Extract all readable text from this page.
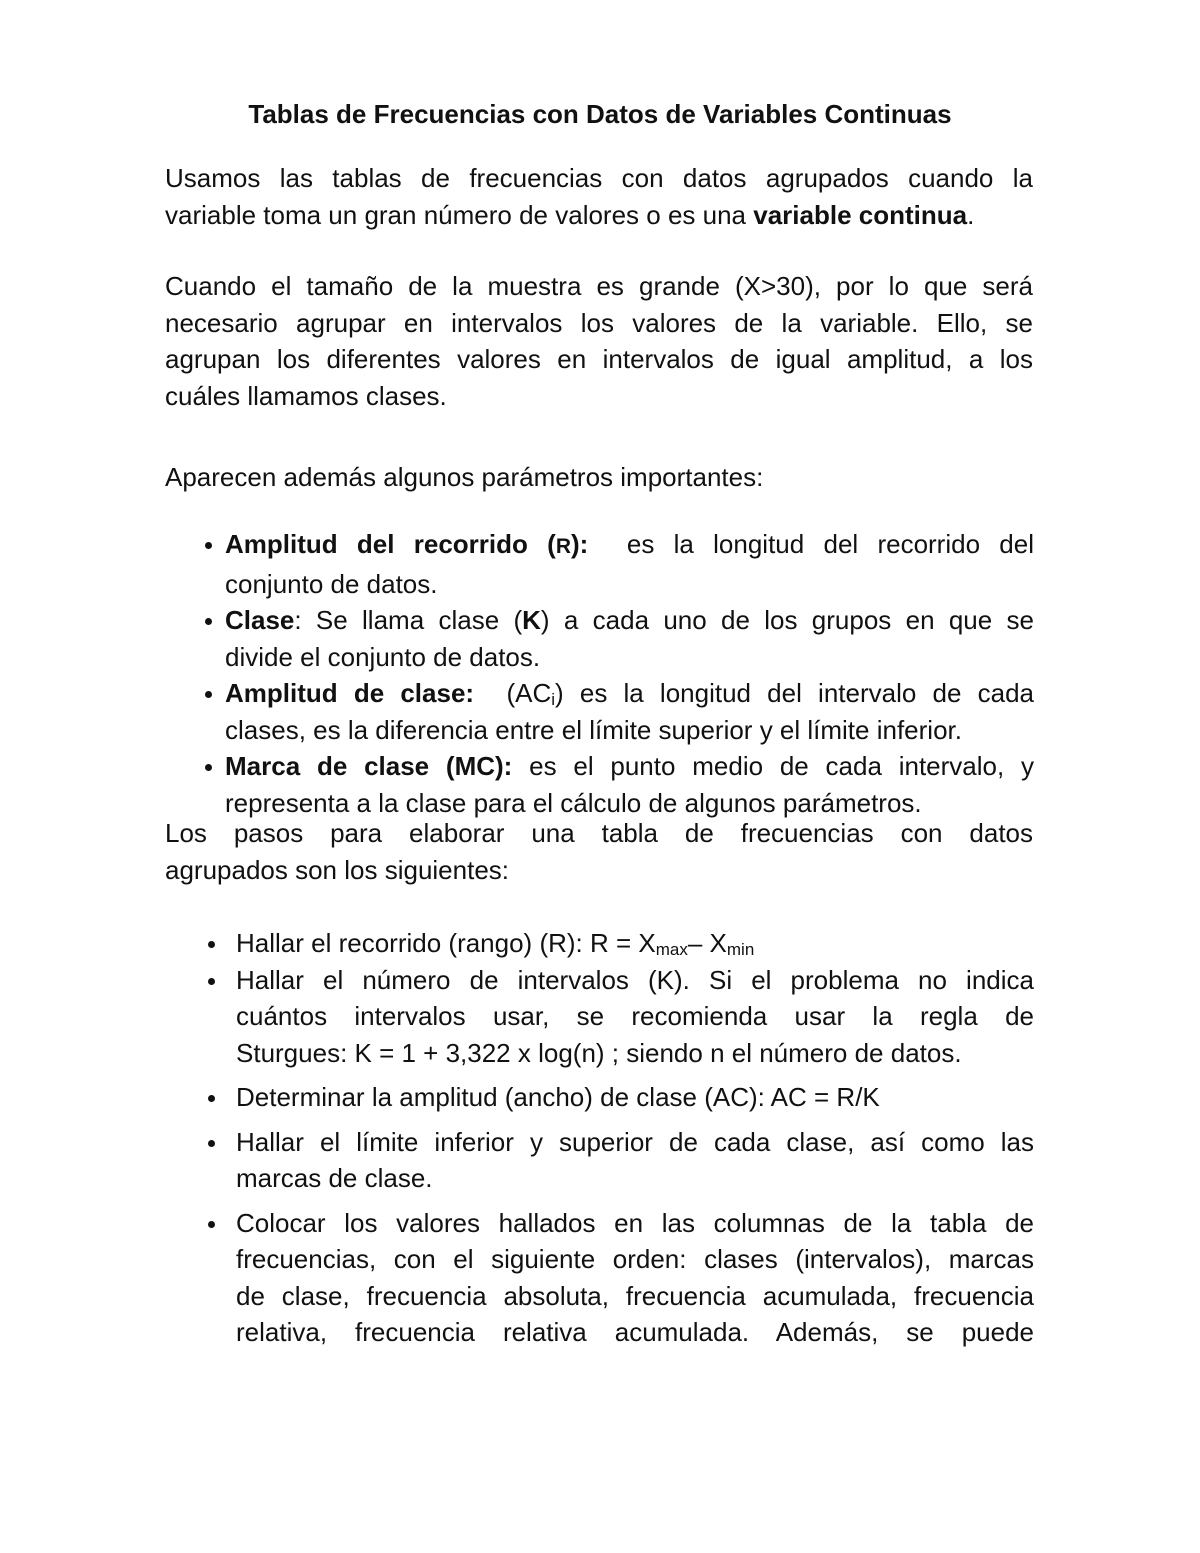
Tablas de Frecuencias con Datos de Variables Continuas
Usamos las tablas de frecuencias con datos agrupados cuando la
variable toma un gran número de valores o es una variable continua.
Cuando el tamaño de la muestra es grande (X>30), por lo que será
necesario agrupar en intervalos los valores de la variable. Ello, se
agrupan los diferentes valores en intervalos de igual amplitud, a los
cuáles llamamos clases.
Aparecen además algunos parámetros importantes:
Amplitud del recorrido (R): es la longitud del recorrido del
conjunto de datos.
Clase: Se llama clase (K) a cada uno de los grupos en que se
divide el conjunto de datos.
Amplitud de clase: $(AC_i)$ es la longitud del intervalo de cada
clases, es la diferencia entre el límite superior y el límite inferior.
Marca de clase (MC): es el punto medio de cada intervalo, y
representa a la clase para el cálculo de algunos parámetros.
Los pasos para elaborar una tabla de frecuencias con datos
agrupados son los siguientes:
Hallar el recorrido (rango) (R): $R = X_{max}-$ $X_{min}$
Hallar el número de intervalos (K). Si el problema no indica
cuántos intervalos usar, se recomienda usar la regla de
Sturgues: K = 1 + 3,322 x log(n) ; siendo n el número de datos.
Determinar la amplitud (ancho) de clase (AC): AC = R/K
Hallar el límite inferior y superior de cada clase, así como las
marcas de clase.
Colocar los valores hallados en las columnas de la tabla de
frecuencias, con el siguiente orden: clases (intervalos), marcas
de clase, frecuencia absoluta, frecuencia acumulada, frecuencia
relativa, frecuencia relativa acumulada. Además, se puede
